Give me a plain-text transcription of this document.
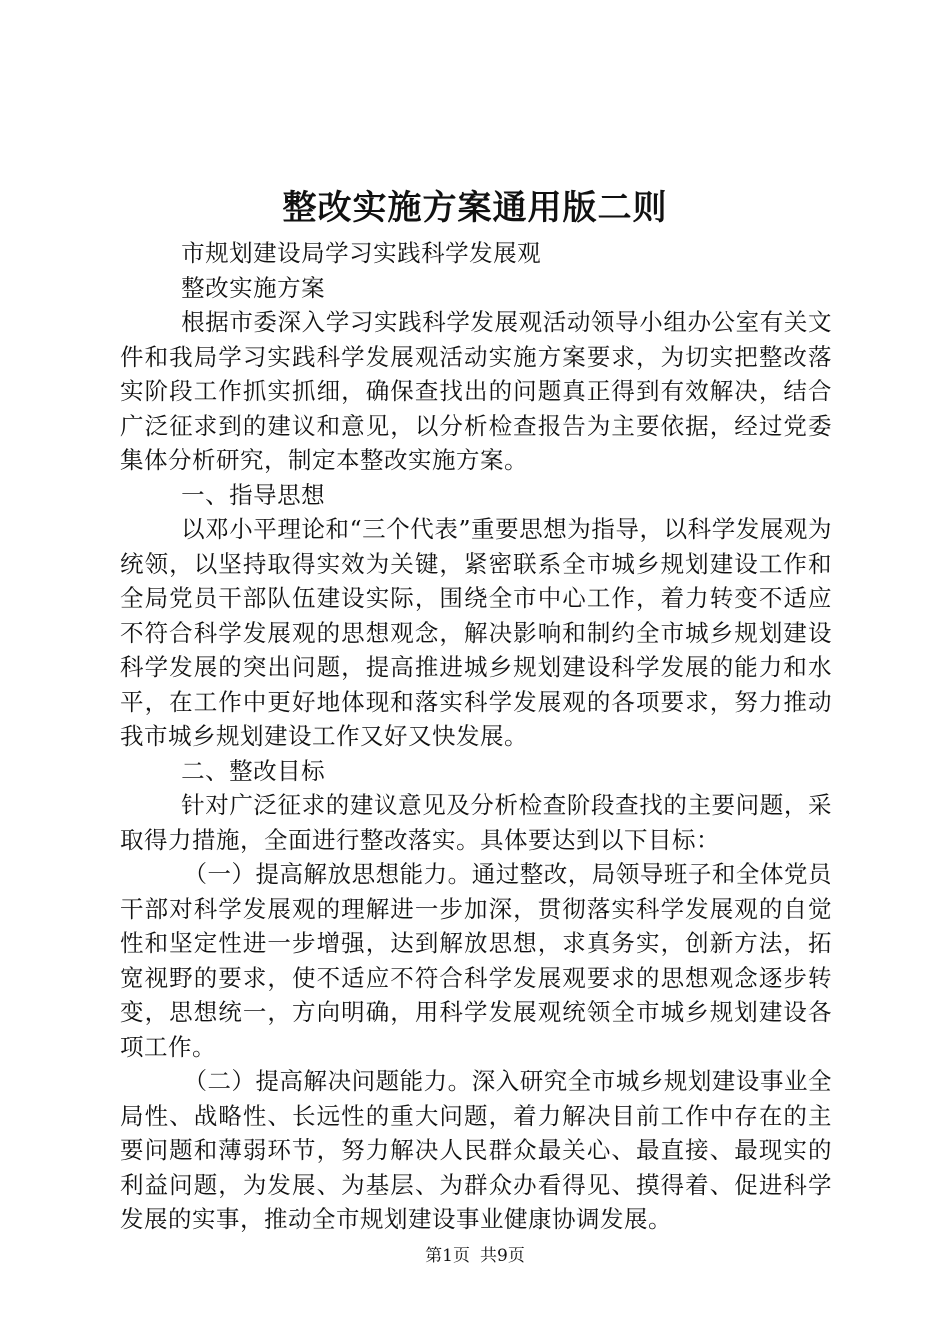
整改实施方案通用版二则

市规划建设局学习实践科学发展观

整改实施方案

根据市委深入学习实践科学发展观活动领导小组办公室有关文件和我局学习实践科学发展观活动实施方案要求，为切实把整改落实阶段工作抓实抓细，确保查找出的问题真正得到有效解决，结合广泛征求到的建议和意见，以分析检查报告为主要依据，经过党委集体分析研究，制定本整改实施方案。

一、指导思想

以邓小平理论和“三个代表”重要思想为指导，以科学发展观为统领，以坚持取得实效为关键，紧密联系全市城乡规划建设工作和全局党员干部队伍建设实际，围绕全市中心工作，着力转变不适应不符合科学发展观的思想观念，解决影响和制约全市城乡规划建设科学发展的突出问题，提高推进城乡规划建设科学发展的能力和水平，在工作中更好地体现和落实科学发展观的各项要求，努力推动我市城乡规划建设工作又好又快发展。

二、整改目标

针对广泛征求的建议意见及分析检查阶段查找的主要问题，采取得力措施，全面进行整改落实。具体要达到以下目标：

（一）提高解放思想能力。通过整改，局领导班子和全体党员干部对科学发展观的理解进一步加深，贯彻落实科学发展观的自觉性和坚定性进一步增强，达到解放思想，求真务实，创新方法，拓宽视野的要求，使不适应不符合科学发展观要求的思想观念逐步转变，思想统一，方向明确，用科学发展观统领全市城乡规划建设各项工作。

（二）提高解决问题能力。深入研究全市城乡规划建设事业全局性、战略性、长远性的重大问题，着力解决目前工作中存在的主要问题和薄弱环节，努力解决人民群众最关心、最直接、最现实的利益问题，为发展、为基层、为群众办看得见、摸得着、促进科学发展的实事，推动全市规划建设事业健康协调发展。

第1页 共9页
